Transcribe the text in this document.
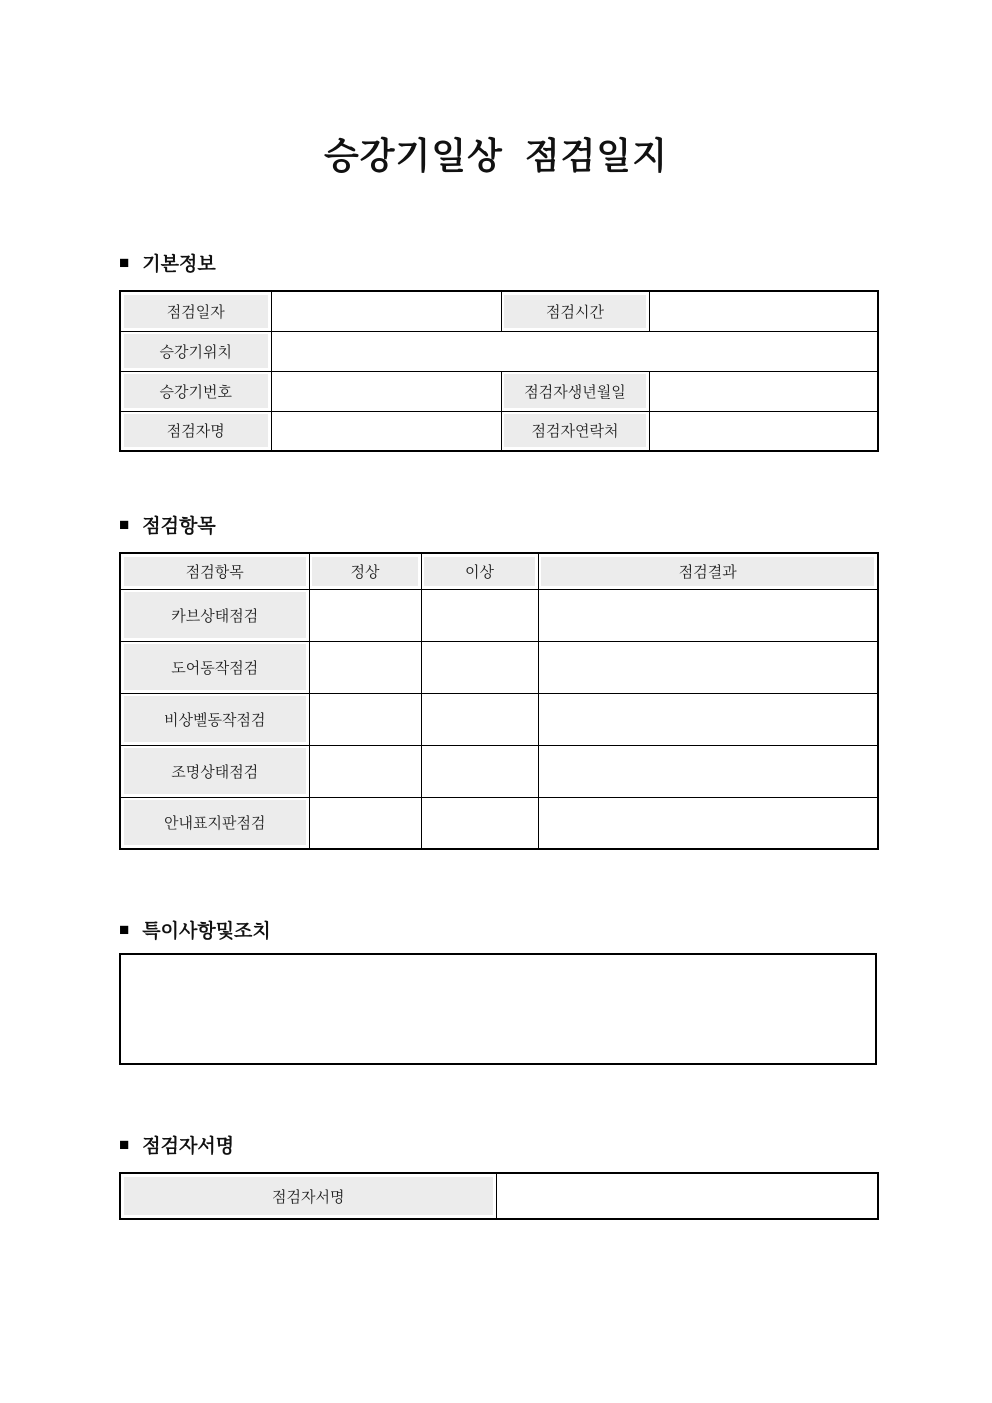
승강기일상  점검일지
■ 기본정보
점검일자		점검시간	
승강기위치			
승강기번호		점검자생년월일	
점검자명		점검자연락처	
■ 점검항목
점검항목	정상	이상	점검결과
카브상태점검			
도어동작점검			
비상벨동작점검			
조명상태점검			
안내표지판점검			
■ 특이사항및조치
■ 점검자서명
점검자서명	
